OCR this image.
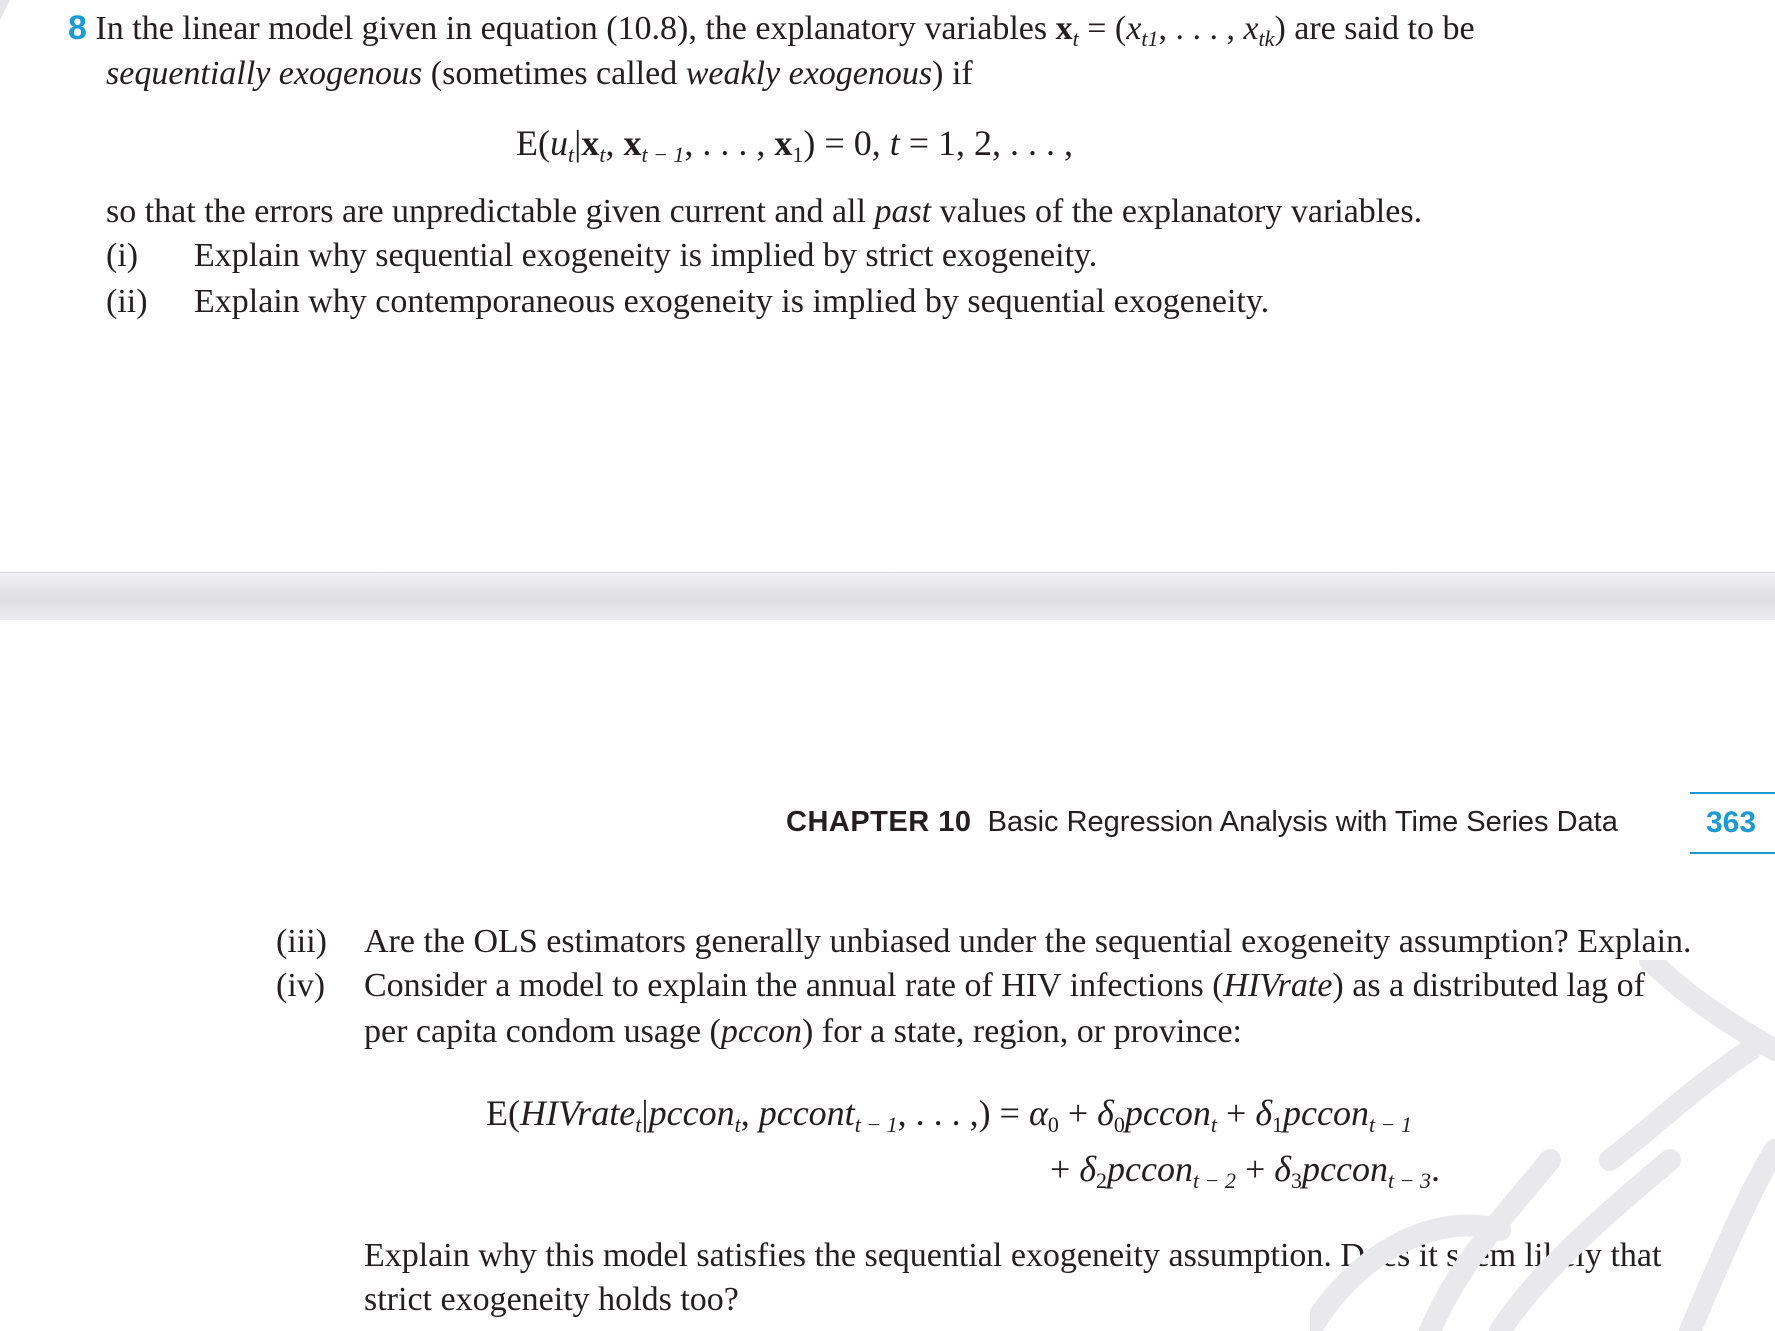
8 In the linear model given in equation (10.8), the explanatory variables $x_t = (x_{t1}$, . . . , $x_{tk}$) are said to be
sequentially exogenous (sometimes called weakly exogenous) if
$E(u_t|x_t$, $x_{t - 1}$, . . . , $x_1) = 0$, t = 1, 2, . . . ,
so that the errors are unpredictable given current and all past values of the explanatory variables.
(i) Explain why sequential exogeneity is implied by strict exogeneity.
(ii) Explain why contemporaneous exogeneity is implied by sequential exogeneity.
CHAPTER 10 Basic Regression Analysis with Time Series Data	363
(iii) Are the OLS estimators generally unbiased under the sequential exogeneity assumption? Explain.
(iv) Consider a model to explain the annual rate of HIV infections (HIVrate) as a distributed lag of
per capita condom usage (pccon) for a state, region, or province:
E(HIVrate$_t$|pccon$_t$, pccont$_{t - 1}$, . . . ,) = $\alpha_0$ + $\delta_0pccon_t$ + $\delta_1pccon_{t - 1}$
+ $\delta_2pccon_{t - 2}$ + $\delta_3pccon_{t - 3}$.
Explain why this model satisfies the sequential exogeneity assumption. Does it seem likely that
strict exogeneity holds too?
